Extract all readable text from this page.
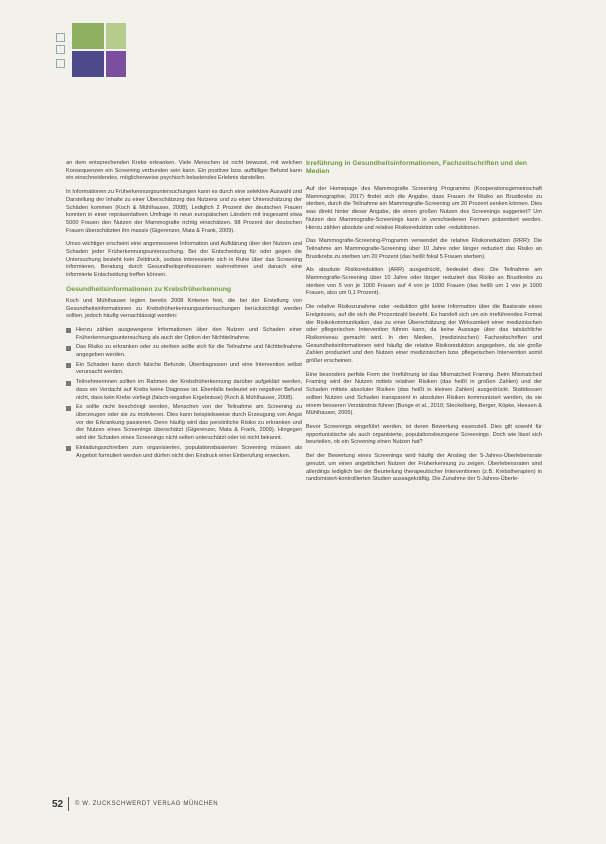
an dem entsprechenden Krebs erkranken. Viele Menschen ist nicht bewusst, mit welchen Konsequenzen ein Screening verbunden sein kann. Ein positiver bzw. auffälliger Befund kann ein einschneidendes, möglicherweise psychisch belastendes Erlebnis darstellen.

In Informationen zu Früherkennungsuntersuchungen kann es durch eine selektive Auswahl und Darstellung der Inhalte zu einer Überschätzung des Nutzens und zu einer Unterschätzung der Schäden kommen (Koch & Mühlhauser, 2008). Lediglich 2 Prozent der deutschen Frauen konnten in einer repräsentativen Umfrage in neun europäischen Ländern mit insgesamt etwa 5000 Frauen den Nutzen der Mammografie richtig einschätzen. 98 Prozent der deutschen Frauen überschätzten ihn massiv (Gigerenzer, Mata & Frank, 2009).

Umso wichtiger erscheint eine angemessene Information und Aufklärung über den Nutzen und Schaden jeder Früherkennungsuntersuchung. Bei der Entscheidung für oder gegen die Untersuchung besteht kein Zeitdruck, sodass interessierte sich in Ruhe über das Screening informieren, Beratung durch Gesundheitsprofessionen wahrnehmen und danach eine informierte Entscheidung treffen können.

Gesundheitsinformationen zu Krebsfrüherkennung

Koch und Mühlhauser legten bereits 2008 Kriterien fest, die bei der Erstellung von Gesundheitsinformationen zu Krebsfrüherkennungsuntersuchungen berücksichtigt werden sollten, jedoch häufig vernachlässigt werden:

Hierzu zählen ausgewogene Informationen über den Nutzen und Schaden einer Früherkennungsuntersuchung als auch der Option der Nichtteilnahme.
Das Risiko zu erkranken oder zu sterben sollte sich für die Teilnahme und Nichtteilnahme angegeben werden.
Ein Schaden kann durch falsche Befunde, Überdiagnosen und eine Intervention selbst verursacht werden.
Teilnehmerinnen sollten im Rahmen der Krebsfrüherkennung darüber aufgeklärt werden, dass ein Verdacht auf Krebs keine Diagnose ist. Ebenfalls bedeutet ein negativer Befund nicht, dass kein Krebs vorliegt (falsch-negative Ergebnisse) (Koch & Mühlhauser, 2008).
Es sollte nicht beschönigt werden, Menschen von der Teilnahme am Screening zu überzeugen oder sie zu motivieren. Dies kann beispielsweise durch Erzeugung von Angst vor der Erkrankung passieren. Denn häufig wird das persönliche Risiko zu erkranken und der Nutzen eines Screenings überschätzt (Gigerenzer, Mata & Frank, 2009). Hingegen wird der Schaden eines Screenings nicht selten unterschätzt oder ist nicht bekannt.
Einladungsschreiben zum organisierten, populationsbasierten Screening müssen als Angebot formuliert werden und dürfen nicht den Eindruck einer Einberufung erwecken.
Irreführung in Gesundheitsinformationen, Fachzeitschriften und den Medien

Auf der Homepage des Mammografie Screening Programms (Kooperationsgemeinschaft Mammographie, 2017) findet sich die Angabe, dass Frauen ihr Risiko an Brustkrebs zu sterben, durch die Teilnahme am Mammografie-Screening um 20 Prozent senken können. Dies was direkt hinter dieser Angabe, die einen großen Nutzen des Screenings suggeriert? Um Nutzen des Mammografie-Screenings kann in verschiedenen Formen präsentiert werden. Hierzu zählen absolute und relative Risikoreduktion oder -reduktionen.

Das Mammografie-Screening-Programm verwendet die relative Risikoreduktion (RRR): Die Teilnahme am Mammografie-Screening über 10 Jahre oder länger reduziert das Risiko an Brustkrebs zu sterben um 20 Prozent (das heißt fokal 5 Frauen sterben).

Als absolute Risikoreduktion (ARR) ausgedrückt, bedeutet dies: Die Teilnahme am Mammografie-Screening über 10 Jahre oder länger reduziert das Risiko an Brustkrebs zu sterben von 5 von je 1000 Frauen auf 4 von je 1000 Frauen (das heißt um 1 von je 1000 Frauen, also um 0,1 Prozent).

Die relative Risikozunahme oder -reduktion gibt keine Information über die Basisrate eines Ereignisses, auf die sich die Prozentzahl bezieht. Es handelt sich um ein irreführendes Format der Risikokommunikation, das zu einer Überschätzung der Wirksamkeit einer medizinischen oder pflegerischen Intervention führen kann, da keine Aussage über das tatsächliche Risikoniveau gemacht wird. In den Medien, (medizinischen) Fachzeitschriften und Gesundheitsinformationen wird häufig die relative Risikoreduktion angegeben, da sie große Zahlen produziert und den Nutzen einer medizinischen bzw. pflegerischen Intervention somit größer erscheinen.

Eine besonders perfide Form der Irreführung ist das Mismatched Framing. Beim Mismatched Framing wird der Nutzen mittels relativer Risiken (das heißt in großen Zahlen) und der Schaden mittels absoluter Risiken (das heißt in kleinen Zahlen) ausgedrückt. Stattdessen sollten Nutzen und Schaden transparent in absoluten Risiken kommuniziert werden, da sie einem besseren Verständnis führen (Bunge et al., 2010; Steckelberg, Berger, Köpke, Heesen & Mühlhauser, 2005).

Bevor Screenings eingeführt werden, ist deren Bewertung essenziell. Dies gilt sowohl für opportunistische als auch organisierte, populationsbezogene Screenings. Doch wie lässt sich beurteilen, ob ein Screening einen Nutzen hat?

Bei der Bewertung eines Screenings wird häufig der Anstieg der 5-Jahres-Überlebensrate genutzt, um einen angeblichen Nutzen der Früherkennung zu zeigen. Überlebensraten sind allerdings lediglich bei der Beurteilung therapeutischer Interventionen (z.B. Krebstherapien) in randomisiert-kontrollierten Studien aussagekräftig. Die Zunahme der 5-Jahres-Überle-

52	© W. ZUCKSCHWERDT VERLAG MÜNCHEN
